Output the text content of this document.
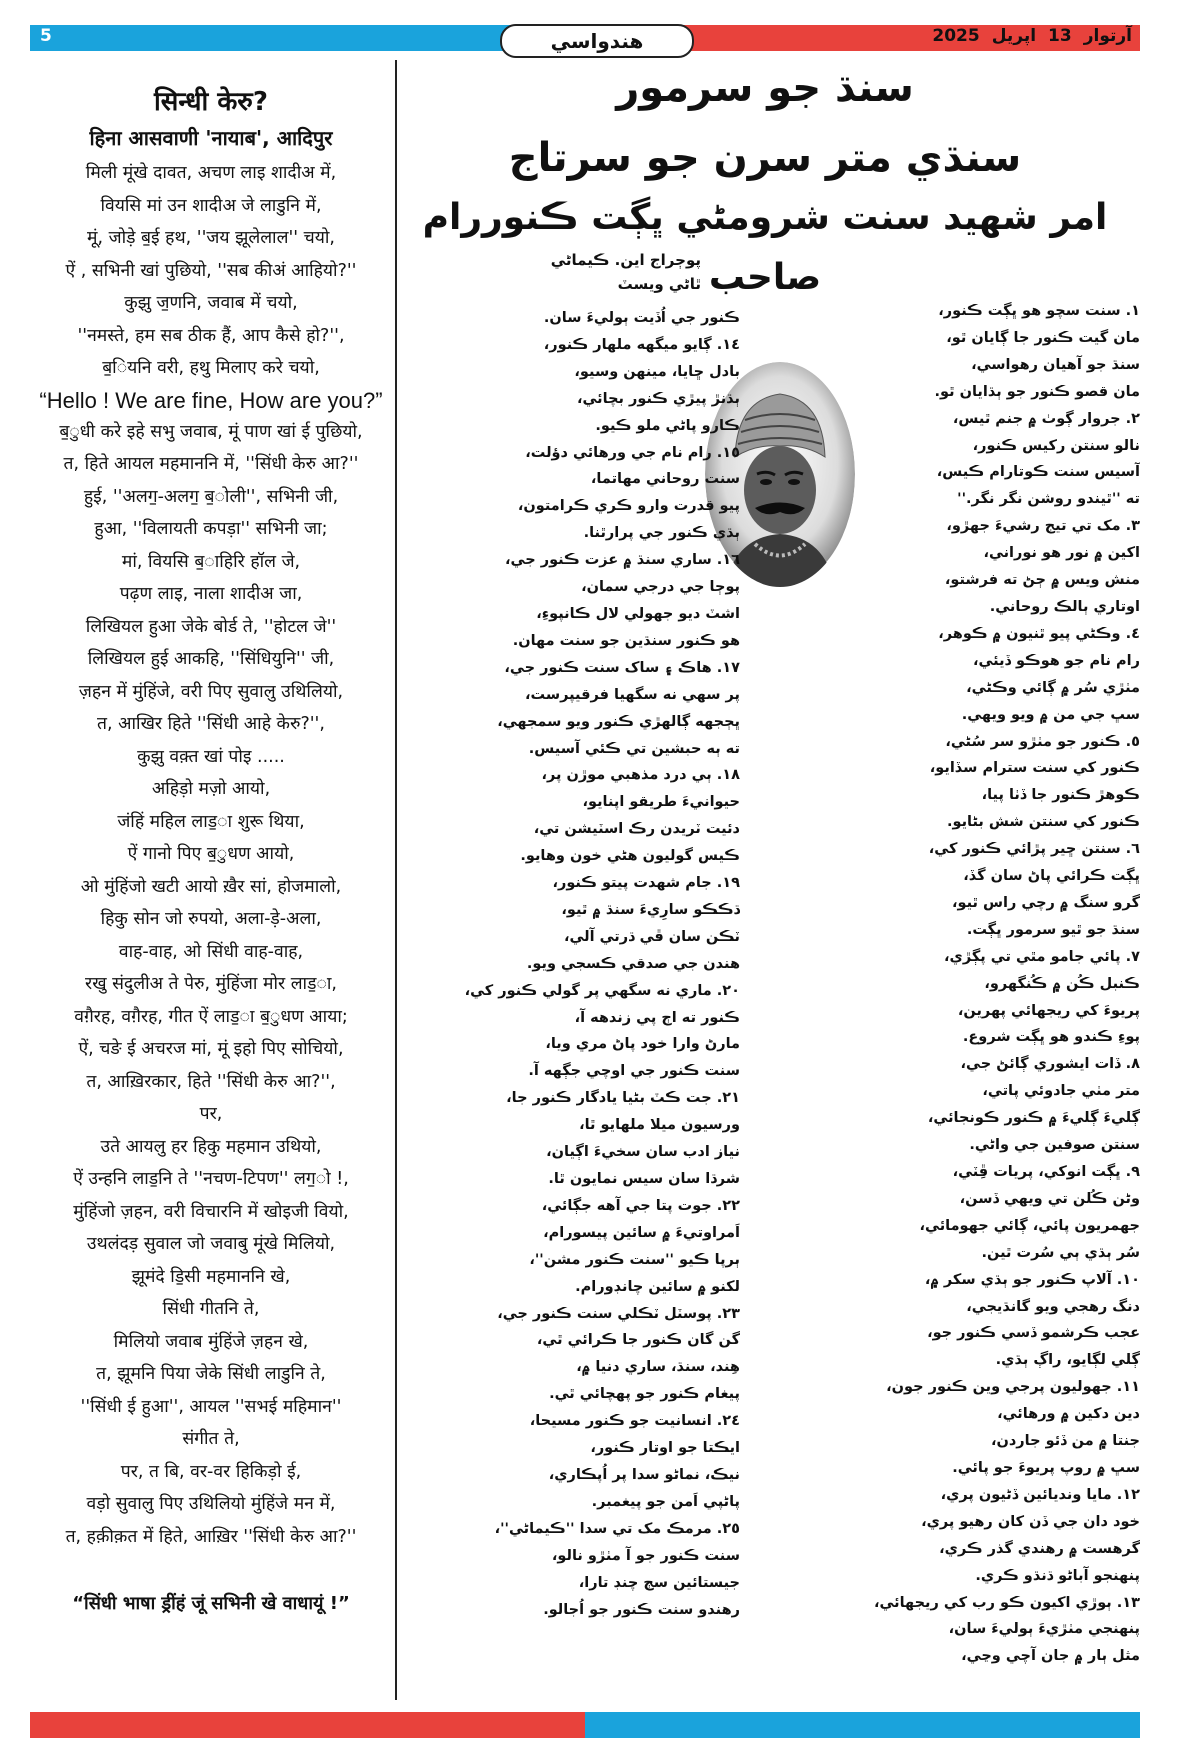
5	ھندواسي	آرتوار
13
اپريل
2025
सिन्धी केरु?
हिना आसवाणी 'नायाब', आदिपुर
मिली मूंखे दावत, अचण लाइ शादीअ में,
वियसि मां उन शादीअ जे लाडुनि में,
मूं, जोड़े ब॒ई हथ, ''जय झूलेलाल'' चयो,
ऐं , सभिनी खां पुछियो, ''सब कीअं आहियो?''
कुझु ज॒णनि, जवाब में चयो,
''नमस्ते, हम सब ठीक हैं, आप कैसे हो?'',
ब॒ियनि वरी, हथु मिलाए करे चयो,
“Hello ! We are fine, How are you?”
ब॒ुधी करे इहे सभु जवाब, मूं पाण खां ई पुछियो,
त, हिते आयल महमाननि में, ''सिंधी केरु आ?''
हुई, ''अलग॒-अलग॒ ब॒ोली'', सभिनी जी,
हुआ, ''विलायती कपड़ा'' सभिनी जा;
मां, वियसि ब॒ाहिरि हॉल जे,
पढ़ण लाइ, नाला शादीअ जा,
लिखियल हुआ जेके बोर्ड ते, ''होटल जे''
लिखियल हुई आकहि, ''सिंधियुनि'' जी,
ज़हन में मुंहिंजे, वरी पिए सुवालु उथिलियो,
त, आखिर हिते ''सिंधी आहे केरु?'',
कुझु वक़्त खां पोइ .....
अहिड़ो मज़ो आयो,
जंहिं महिल लाड॒ा शुरू थिया,
ऐं गानो पिए ब॒ुधण आयो,
ओ मुंहिंजो खटी आयो ख़ैर सां, होजमालो,
हिकु सोन जो रुपयो, अला-ड़े-अला,
वाह-वाह, ओ सिंधी वाह-वाह,
रखु संदुलीअ ते पेरु, मुंहिंजा मोर लाड॒ा,
वग़ैरह, वग़ैरह, गीत ऐं लाड॒ा ब॒ुधण आया;
ऐं, चङे ई अचरज मां, मूं इहो पिए सोचियो,
त, आख़िरकार, हिते ''सिंधी केरु आ?'',
पर,
उते आयलु हर हिकु महमान उथियो,
ऐं उन्हनि लाड॒नि ते ''नचण-टिपण'' लग॒ो !,
मुंहिंजो ज़हन, वरी विचारनि में खोइजी वियो,
उथलंदड़ सुवाल जो जवाबु मूंखे मिलियो,
झूमंदे डि॒सी महमाननि खे,
सिंधी गीतनि ते,
मिलियो जवाब मुंहिंजे ज़हन खे,
त, झूमनि पिया जेके सिंधी लाडुनि ते,
''सिंधी ई हुआ'', आयल ''सभई महिमान''
संगीत ते,
पर, त बि, वर-वर हिकिड़ो ई,
वड़ो सुवालु पिए उथिलियो मुंहिंजे मन में,
त, हक़ीक़त में हिते, आख़िर ''सिंधी केरु आ?''
“सिंधी भाषा ड्रींहं जूं सभिनी खे वाधायूं !”
سنڌ جو سرمور
سنڌي متر سرن جو سرتاج
امر شهيد سنت شرومڻي ڀڳت ڪنوررام صاحب
پوڄراج اين. ڪيماڻي
ٿاڻي ويسٽ
١. سنت سچو هو ڀڳت ڪنور،
مان گيت ڪنور جا ڳايان ٿو،
سنڌ جو آهيان رهواسي،
مان قصو ڪنور جو ٻڌايان ٿو.
٢. جروار ڳوٺ ۾ جنم ٿيس،
نالو سنتن رکيس ڪنور،
آسيس سنت ڪوتارام ڪيس،
ته ''ٿيندو روشن نگر نگر.''
٣. مک تي تيج رشيءَ جهڙو،
اکين ۾ نور هو نوراني،
منش ويس ۾ ڄڻ ته فرشتو،
اوتاري ٻالڪ روحاني.
٤. وڪڻي پيو ٿنيون ۾ ڪوهر،
رام نام جو هوڪو ڏيئي،
مٺڙي سُر ۾ ڳائي وڪڻي،
سڀ جي من ۾ ويو ويهي.
٥. ڪنور جو مٺڙو سر سُڻي،
ڪنور کي سنت سترام سڏايو،
ڪوهڙ ڪنور جا ڏٺا پيا،
ڪنور کي سنتن شش بڻايو.
٦. سنتن ڇير پڙائي ڪنور کي،
ڀڳت ڪرائي پاڻ سان گڏ،
گرو سنگ ۾ رچي راس ٿيو،
سنڌ جو ٿيو سرمور ڀڳت.
٧. پائي جامو مٿي تي پڳڙي،
ڪنبل ڪُن ۾ ڪُنگهرو،
پريوءَ کي ريجهائي پهرين،
پوءِ ڪندو هو ڀڳت شروع.
٨. ڏات ايشوري ڳائڻ جي،
متر مٺي جادوئي پاتي،
ڳليءَ ڳليءَ ۾ ڪنور ڪونجائي،
سنتن صوفين جي واڻي.
٩. ڀڳت انوکي، پريات ڦِٽي،
وڻن ڪُلن تي ويهي ڏسن،
جهمريون پائي، ڳائي جهومائي،
سُر ٻڌي ٻي سُرت ٿين.
١٠. آلاپ ڪنور جو ٻڌي سکر ۾،
دنگ رهجي ويو گانڌيجي،
عجب ڪرشمو ڏسي ڪنور جو،
ڳلي لڳايو، راڳ ٻڌي.
١١. جهوليون پرجي وين ڪنور جون،
دين دکين ۾ ورهائي،
جنتا ۾ من ڏئو جاردن،
سڀ ۾ روپ پريوءَ جو پائي.
١٢. مايا ونديائين ڏڻيون پري،
خود دان جي ڏن کان رهيو پري،
گرهست ۾ رهندي گذر ڪري،
پنهنجو آباڻو ڌنڌو ڪري.
١٣. ٻوڙي اکيون ڪو رب کي ريجهائي،
پنهنجي مٺڙيءَ ٻوليءَ سان،
مثل ٻار ۾ جان آچي وڃي،
ڪنور جي اُڏيت ٻوليءَ سان.
١٤. ڳايو ميگهه ملهار ڪنور،
بادل ڇايا، مينهن وسيو،
ٻڌنڙ پيڙي ڪنور بچائي،
ڪارو پاڻي ملو ڪيو.
١٥. رام نام جي ورهائي دؤلت،
سنت روحاني مهاتما،
پيو قدرت وارو ڪري ڪرامتون،
ٻڌي ڪنور جي پرارٿنا.
١٦. ساري سنڌ ۾ عزت ڪنور جي،
پوڄا جي درجي سمان،
اشٽ ديو جهولي لال ڪانپوءِ،
هو ڪنور سنڌين جو سنت مهان.
١٧. هاڪ ۽ ساک سنت ڪنور جي،
پر سهي نه سگهيا فرقيپرست،
ڀڄجهه ڳالهڙي ڪنور ويو سمجهي،
ته ٻه حبشين تي ڪئي آسيس.
١٨. ٻي درد مذهبي موڙن پر،
حيوانيءَ طريقو اپنايو،
دئيت ٽريدن رڪ اسٽيشن تي،
ڪيس گوليون هڻي خون وهايو.
١٩. جام شهدت پيتو ڪنور،
ڌڪڪو سارِيءَ سنڌ ۾ ٿيو،
ٽڪن سان ڦي ڌرتي آلي،
هندن جي صدقي ڪسجي ويو.
٢٠. ماري نه سگهي پر گولي ڪنور کي،
ڪنور ته اڄ پي زندهه آ،
مارڻ وارا خود پاڻ مري ويا،
سنت ڪنور جي اوچي جڳهه آ.
٢١. جت ڪٽ بڻيا يادگار ڪنور جا،
ورسيون ميلا ملهايو ٿا،
نياز ادب سان سخيءَ اڳيان،
شرڌا سان سيس نمايون ٿا.
٢٢. جوت پتا جي آهه جڳائي،
اَمراوتيءَ ۾ سائين پيسورام،
ٻرپا ڪيو ''سنت ڪنور مشن''،
لکنو ۾ سائين چانڊورام.
٢٣. پوسٽل ٽڪلي سنت ڪنور جي،
گن گان ڪنور جا ڪرائي ٿي،
هِند، سنڌ، ساري دنيا ۾،
پيغام ڪنور جو پهچائي ٿي.
٢٤. انسانيت جو ڪنور مسيحا،
ايڪتا جو اوتار ڪنور،
نيڪ، نماڻو سدا پر اُپڪاري،
پاڻپي اَمن جو پيغمبر.
٢٥. مرمڪ مک تي سدا ''ڪيماڻي''،
سنت ڪنور جو آ مٺڙو نالو،
جيستائين سڄ چنڊ تارا،
رهندو سنت ڪنور جو اُجالو.
